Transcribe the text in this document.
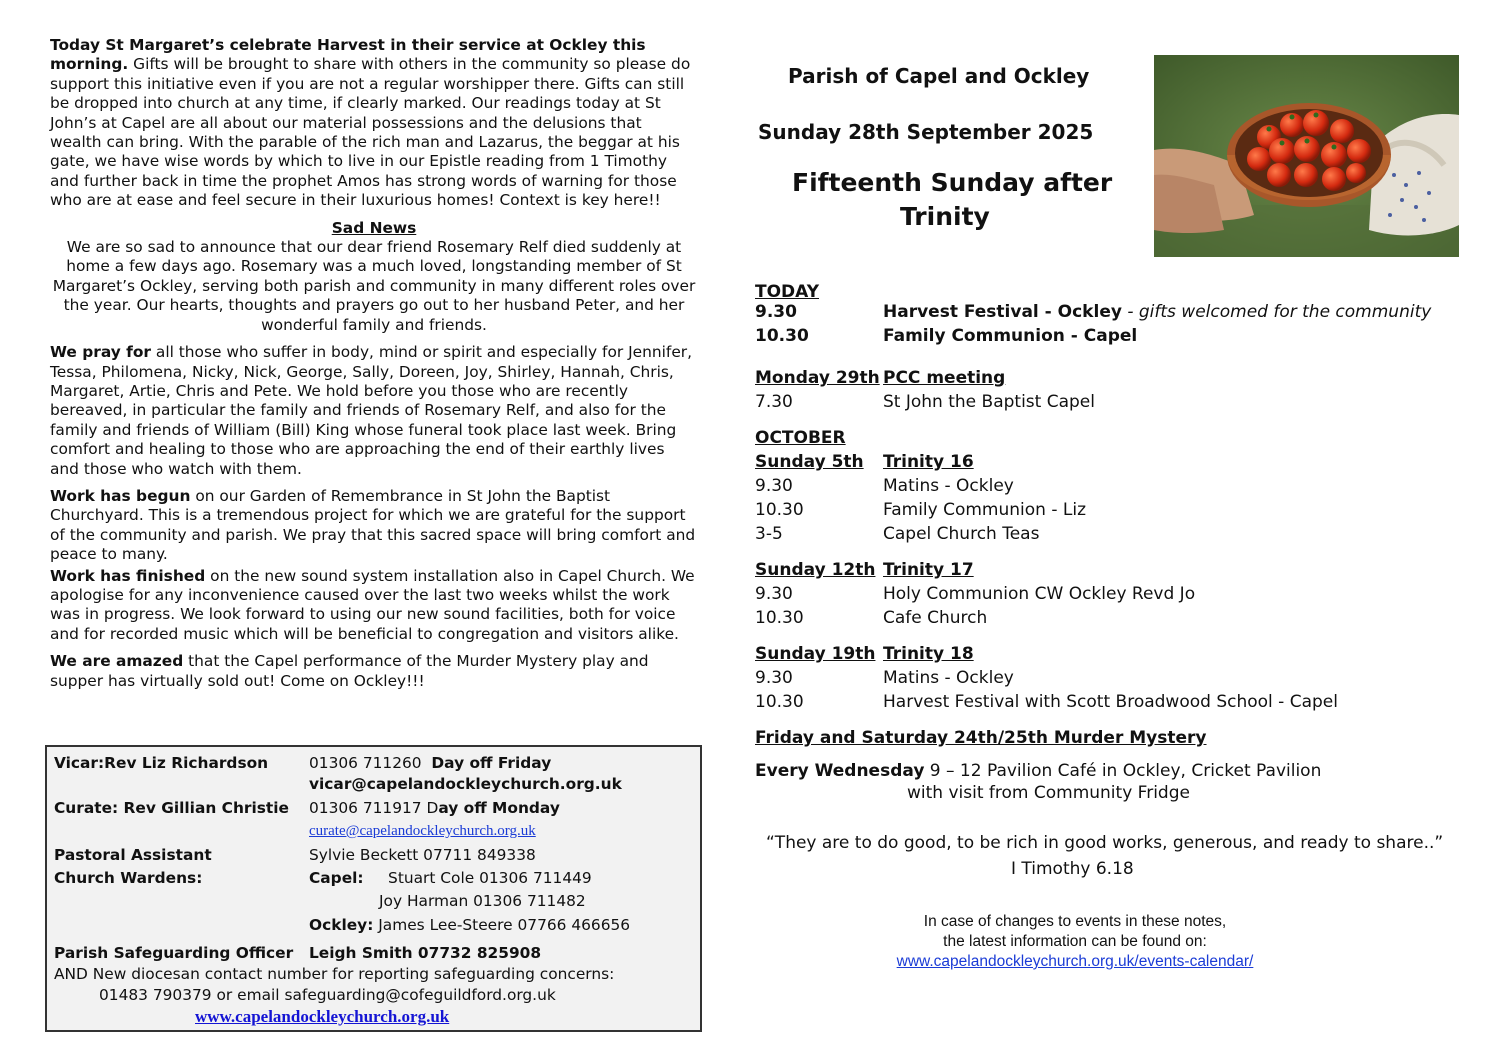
Today St Margaret’s celebrate Harvest in their service at Ockley this morning. Gifts will be brought to share with others in the community so please do support this initiative even if you are not a regular worshipper there. Gifts can still be dropped into church at any time, if clearly marked. Our readings today at St John’s at Capel are all about our material possessions and the delusions that wealth can bring. With the parable of the rich man and Lazarus, the beggar at his gate, we have wise words by which to live in our Epistle reading from 1 Timothy and further back in time the prophet Amos has strong words of warning for those who are at ease and feel secure in their luxurious homes! Context is key here!!

Sad News
We are so sad to announce that our dear friend Rosemary Relf died suddenly at home a few days ago. Rosemary was a much loved, longstanding member of St Margaret’s Ockley, serving both parish and community in many different roles over the year. Our hearts, thoughts and prayers go out to her husband Peter, and her wonderful family and friends.

We pray for all those who suffer in body, mind or spirit and especially for Jennifer, Tessa, Philomena, Nicky, Nick, George, Sally, Doreen, Joy, Shirley, Hannah, Chris, Margaret, Artie, Chris and Pete. We hold before you those who are recently bereaved, in particular the family and friends of Rosemary Relf, and also for the family and friends of William (Bill) King whose funeral took place last week. Bring comfort and healing to those who are approaching the end of their earthly lives and those who watch with them.

Work has begun on our Garden of Remembrance in St John the Baptist Churchyard. This is a tremendous project for which we are grateful for the support of the community and parish. We pray that this sacred space will bring comfort and peace to many.

Work has finished on the new sound system installation also in Capel Church. We apologise for any inconvenience caused over the last two weeks whilst the work was in progress. We look forward to using our new sound facilities, both for voice and for recorded music which will be beneficial to congregation and visitors alike.

We are amazed that the Capel performance of the Murder Mystery play and supper has virtually sold out! Come on Ockley!!!

Vicar:Rev Liz Richardson	01306 711260 Day off Friday
vicar@capelandockleychurch.org.uk
Curate: Rev Gillian Christie 01306 711917 Day off Monday
curate@capelandockleychurch.org.uk
Pastoral Assistant	Sylvie Beckett 07711 849338
Church Wardens:	Capel: Stuart Cole 01306 711449
Joy Harman 01306 711482
Ockley: James Lee-Steere 07766 466656
Parish Safeguarding Officer Leigh Smith 07732 825908
AND New diocesan contact number for reporting safeguarding concerns:
01483 790379 or email safeguarding@cofeguildford.org.uk
www.capelandockleychurch.org.uk
Parish of Capel and Ockley
Sunday 28th September 2025
Fifteenth Sunday after
Trinity
TODAY
9.30	Harvest Festival - Ockley - gifts welcomed for the community
10.30	Family Communion - Capel
Monday 29th PCC meeting
7.30	St John the Baptist Capel
OCTOBER
Sunday 5th Trinity 16
9.30	Matins - Ockley
10.30	Family Communion - Liz
3-5	Capel Church Teas
Sunday 12th Trinity 17
9.30	Holy Communion CW Ockley Revd Jo
10.30	Cafe Church
Sunday 19th Trinity 18
9.30	Matins - Ockley
10.30	Harvest Festival with Scott Broadwood School - Capel
Friday and Saturday 24th/25th Murder Mystery
Every Wednesday 9 – 12 Pavilion Café in Ockley, Cricket Pavilion
with visit from Community Fridge
“They are to do good, to be rich in good works, generous, and ready to share..”
I Timothy 6.18
In case of changes to events in these notes,
the latest information can be found on:
www.capelandockleychurch.org.uk/events-calendar/
